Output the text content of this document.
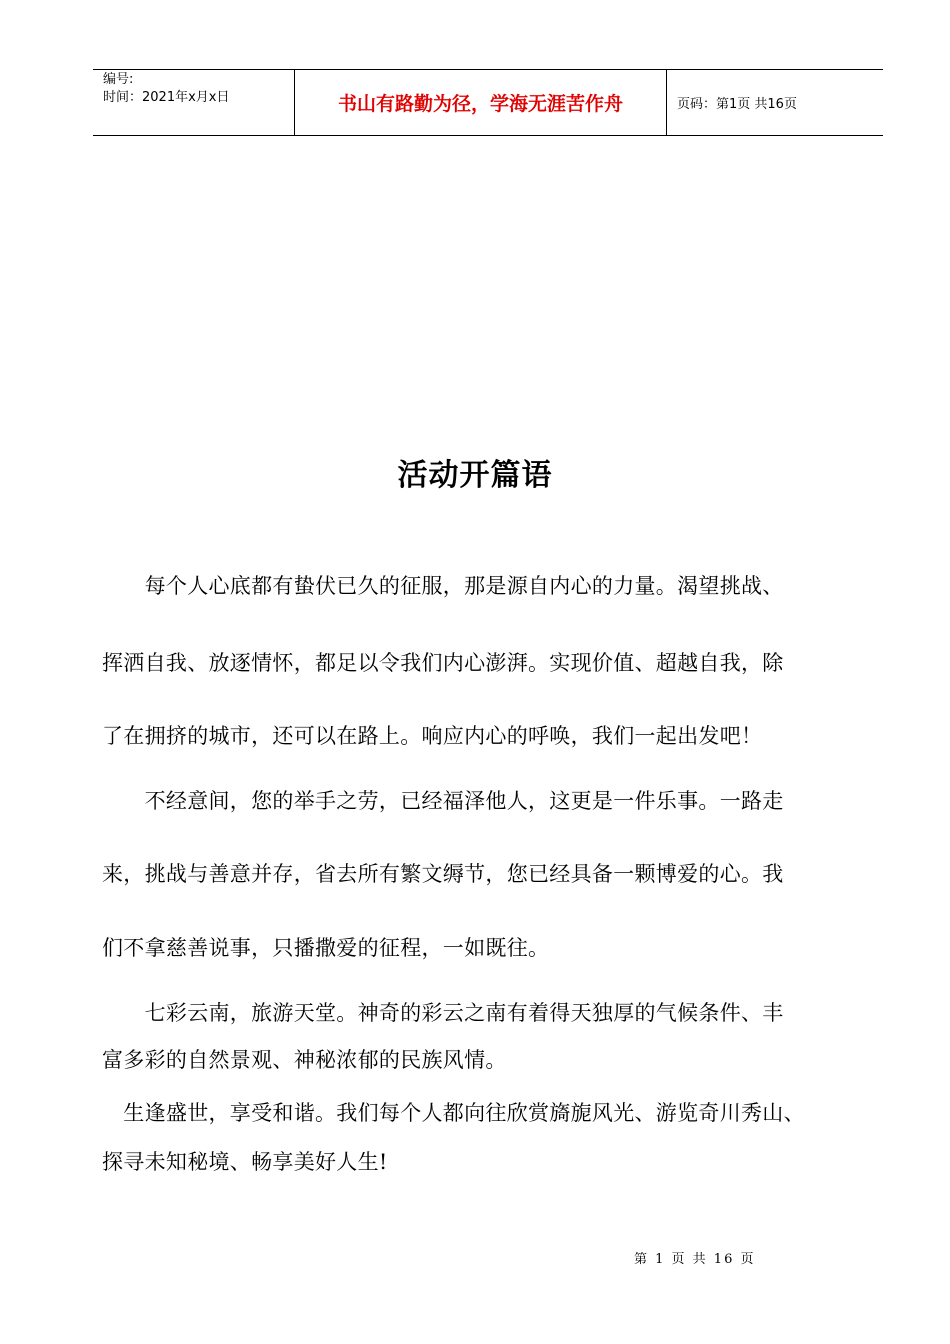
编号:
时间：2021年x月x日	书山有路勤为径，学海无涯苦作舟	页码：第1页 共16页
活动开篇语
　　每个人心底都有蛰伏已久的征服，那是源自内心的力量。渴望挑战、
挥洒自我、放逐情怀，都足以令我们内心澎湃。实现价值、超越自我，除
了在拥挤的城市，还可以在路上。响应内心的呼唤，我们一起出发吧！
　　不经意间，您的举手之劳，已经福泽他人，这更是一件乐事。一路走
来，挑战与善意并存，省去所有繁文缛节，您已经具备一颗博爱的心。我
们不拿慈善说事，只播撒爱的征程，一如既往。
　　七彩云南，旅游天堂。神奇的彩云之南有着得天独厚的气候条件、丰
富多彩的自然景观、神秘浓郁的民族风情。
　生逢盛世，享受和谐。我们每个人都向往欣赏旖旎风光、游览奇川秀山、
探寻未知秘境、畅享美好人生!
第 1 页 共 16 页
